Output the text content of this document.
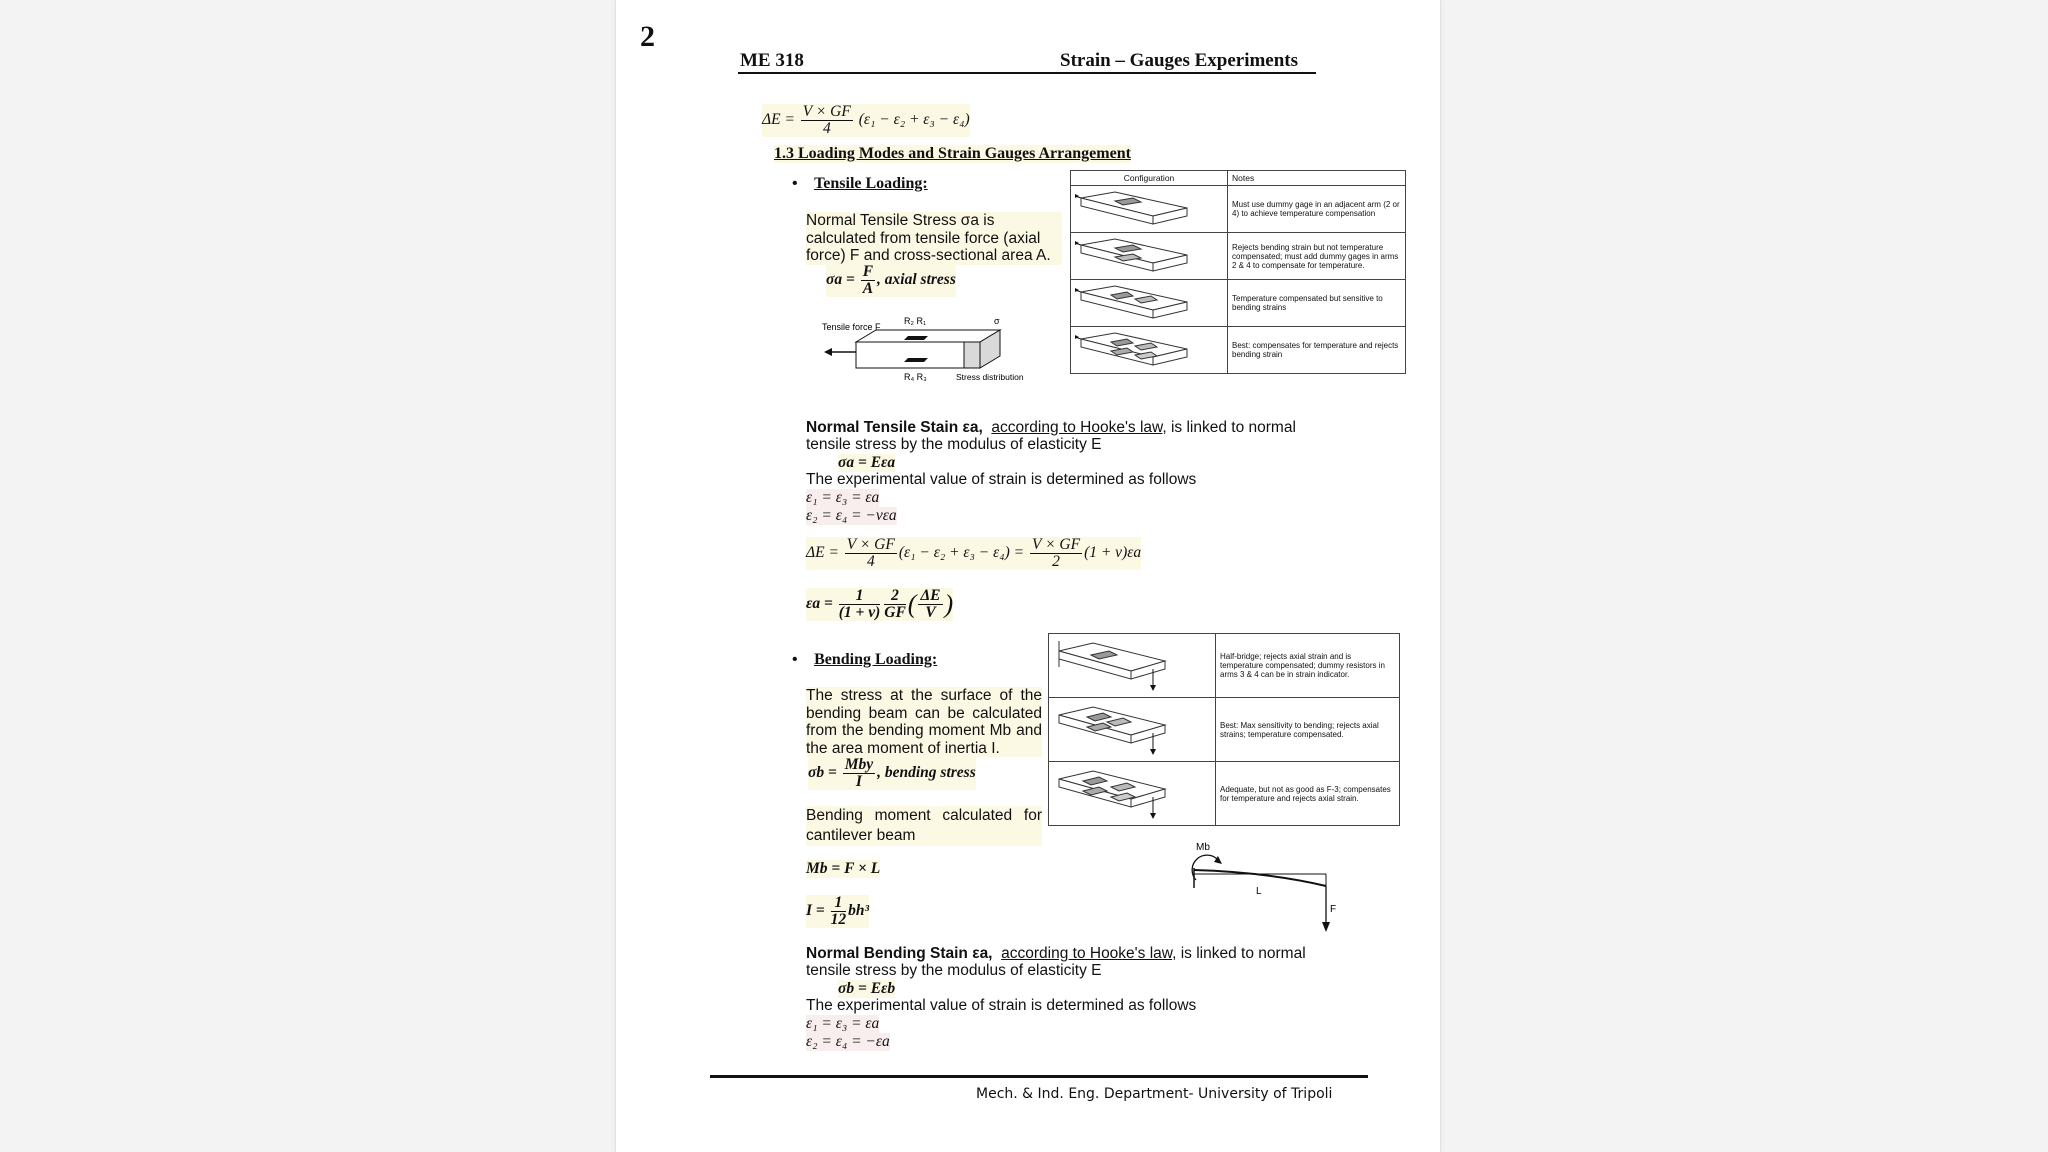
2
ME 318	Strain – Gauges Experiments
$\Delta E = \frac{V \times GF}{4} (\varepsilon_1 - \varepsilon_2 + \varepsilon_3 - \varepsilon_4)$
1.3 Loading Modes and Strain Gauges Arrangement
• Tensile Loading:
Normal Tensile Stress σa is calculated from tensile force (axial force) F and cross-sectional area A.
$\sigma a = \frac{F}{A}$ , axial stress
Tensile force F
R₂ R₁
R₄ R₃
σ
Stress distribution
Configuration	Notes
	Must use dummy gage in an adjacent arm (2 or 4) to achieve temperature compensation
	Rejects bending strain but not temperature compensated; must add dummy gages in arms 2 & 4 to compensate for temperature.
	Temperature compensated but sensitive to bending strains
	Best: compensates for temperature and rejects bending strain
Normal Tensile Stain εa, according to Hooke's law, is linked to normal
tensile stress by the modulus of elasticity E
σa = Eεa
The experimental value of strain is determined as follows
ε₁ = ε₃ = εa
ε₂ = ε₄ = −vεa
$\Delta E = \frac{V \times GF}{4} (\varepsilon_1 - \varepsilon_2 + \varepsilon_3 - \varepsilon_4) = \frac{V \times GF}{2} (1 + v)\varepsilon a$
$\varepsilon a = \frac{1}{(1 + v)} \frac{2}{GF}$ ( $\frac{\Delta E}{V}$ )
• Bending Loading:
The stress at the surface of the bending beam can be calculated from the bending moment Mb and the area moment of inertia I.
$\sigma b = \frac{\text{Mby}}{I}$ , bending stress
Bending moment calculated for cantilever beam
Mb = F × L
$I = \frac{1}{12} bh^3$
	Half-bridge; rejects axial strain and is temperature compensated; dummy resistors in arms 3 & 4 can be in strain indicator.
	Best: Max sensitivity to bending; rejects axial strains; temperature compensated.
	Adequate, but not as good as F-3; compensates for temperature and rejects axial strain.
Mb
L
F
Normal Bending Stain εa, according to Hooke's law, is linked to normal
tensile stress by the modulus of elasticity E
σb = Eεb
The experimental value of strain is determined as follows
ε₁ = ε₃ = εa
ε₂ = ε₄ = −εa
Mech. & Ind. Eng. Department- University of Tripoli
